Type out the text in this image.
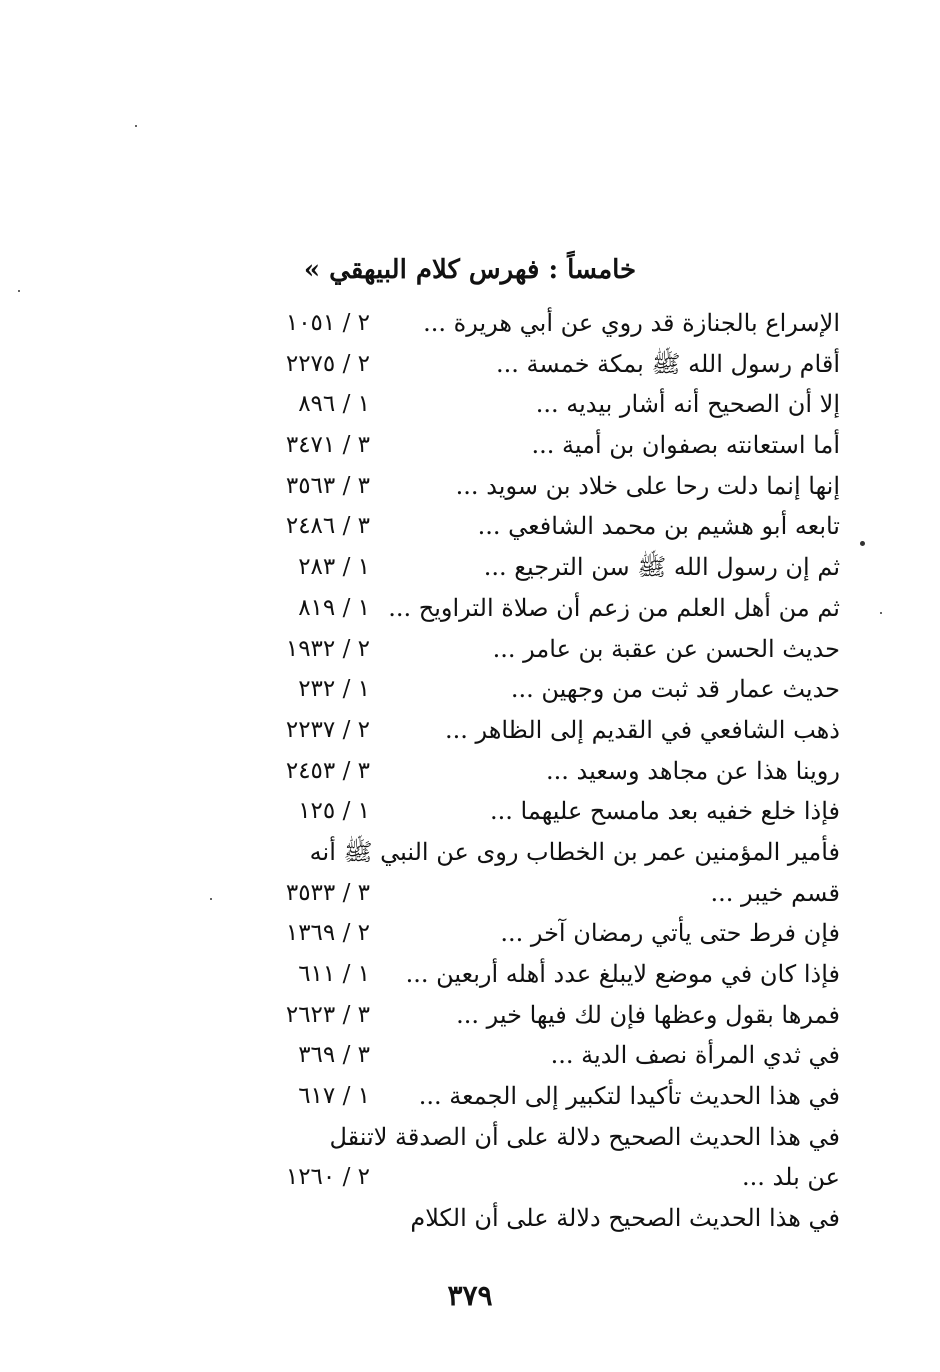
خامساً : فهرس كلام البيهقي »
الإسراع بالجنازة قد روي عن أبي هريرة ...
٢ / ١٠٥١
أقام رسول الله ﷺ بمكة خمسة ...
٢ / ٢٢٧٥
إلا أن الصحيح أنه أشار بيديه ...
١ / ٨٩٦
أما استعانته بصفوان بن أمية ...
٣ / ٣٤٧١
إنها إنما دلت رحا على خلاد بن سويد ...
٣ / ٣٥٦٣
تابعه أبو هشيم بن محمد الشافعي ...
٣ / ٢٤٨٦
ثم إن رسول الله ﷺ سن الترجيع ...
١ / ٢٨٣
ثم من أهل العلم من زعم أن صلاة التراويح ...
١ / ٨١٩
حديث الحسن عن عقبة بن عامر ...
٢ / ١٩٣٢
حديث عمار قد ثبت من وجهين ...
١ / ٢٣٢
ذهب الشافعي في القديم إلى الظاهر ...
٢ / ٢٢٣٧
روينا هذا عن مجاهد وسعيد ...
٣ / ٢٤٥٣
فإذا خلع خفيه بعد مامسح عليهما ...
١ / ١٢٥
فأمير المؤمنين عمر بن الخطاب روى عن النبي ﷺ أنه
قسم خيبر ...
٣ / ٣٥٣٣
فإن فرط حتى يأتي رمضان آخر ...
٢ / ١٣٦٩
فإذا كان في موضع لايبلغ عدد أهله أربعين ...
١ / ٦١١
فمرها بقول وعظها فإن لك فيها خير ...
٣ / ٢٦٢٣
في ثدي المرأة نصف الدية ...
٣ / ٣٦٩
في هذا الحديث تأكيدا لتكبير إلى الجمعة ...
١ / ٦١٧
في هذا الحديث الصحيح دلالة على أن الصدقة لاتنقل
عن بلد ...
٢ / ١٢٦٠
في هذا الحديث الصحيح دلالة على أن الكلام
٣٧٩
